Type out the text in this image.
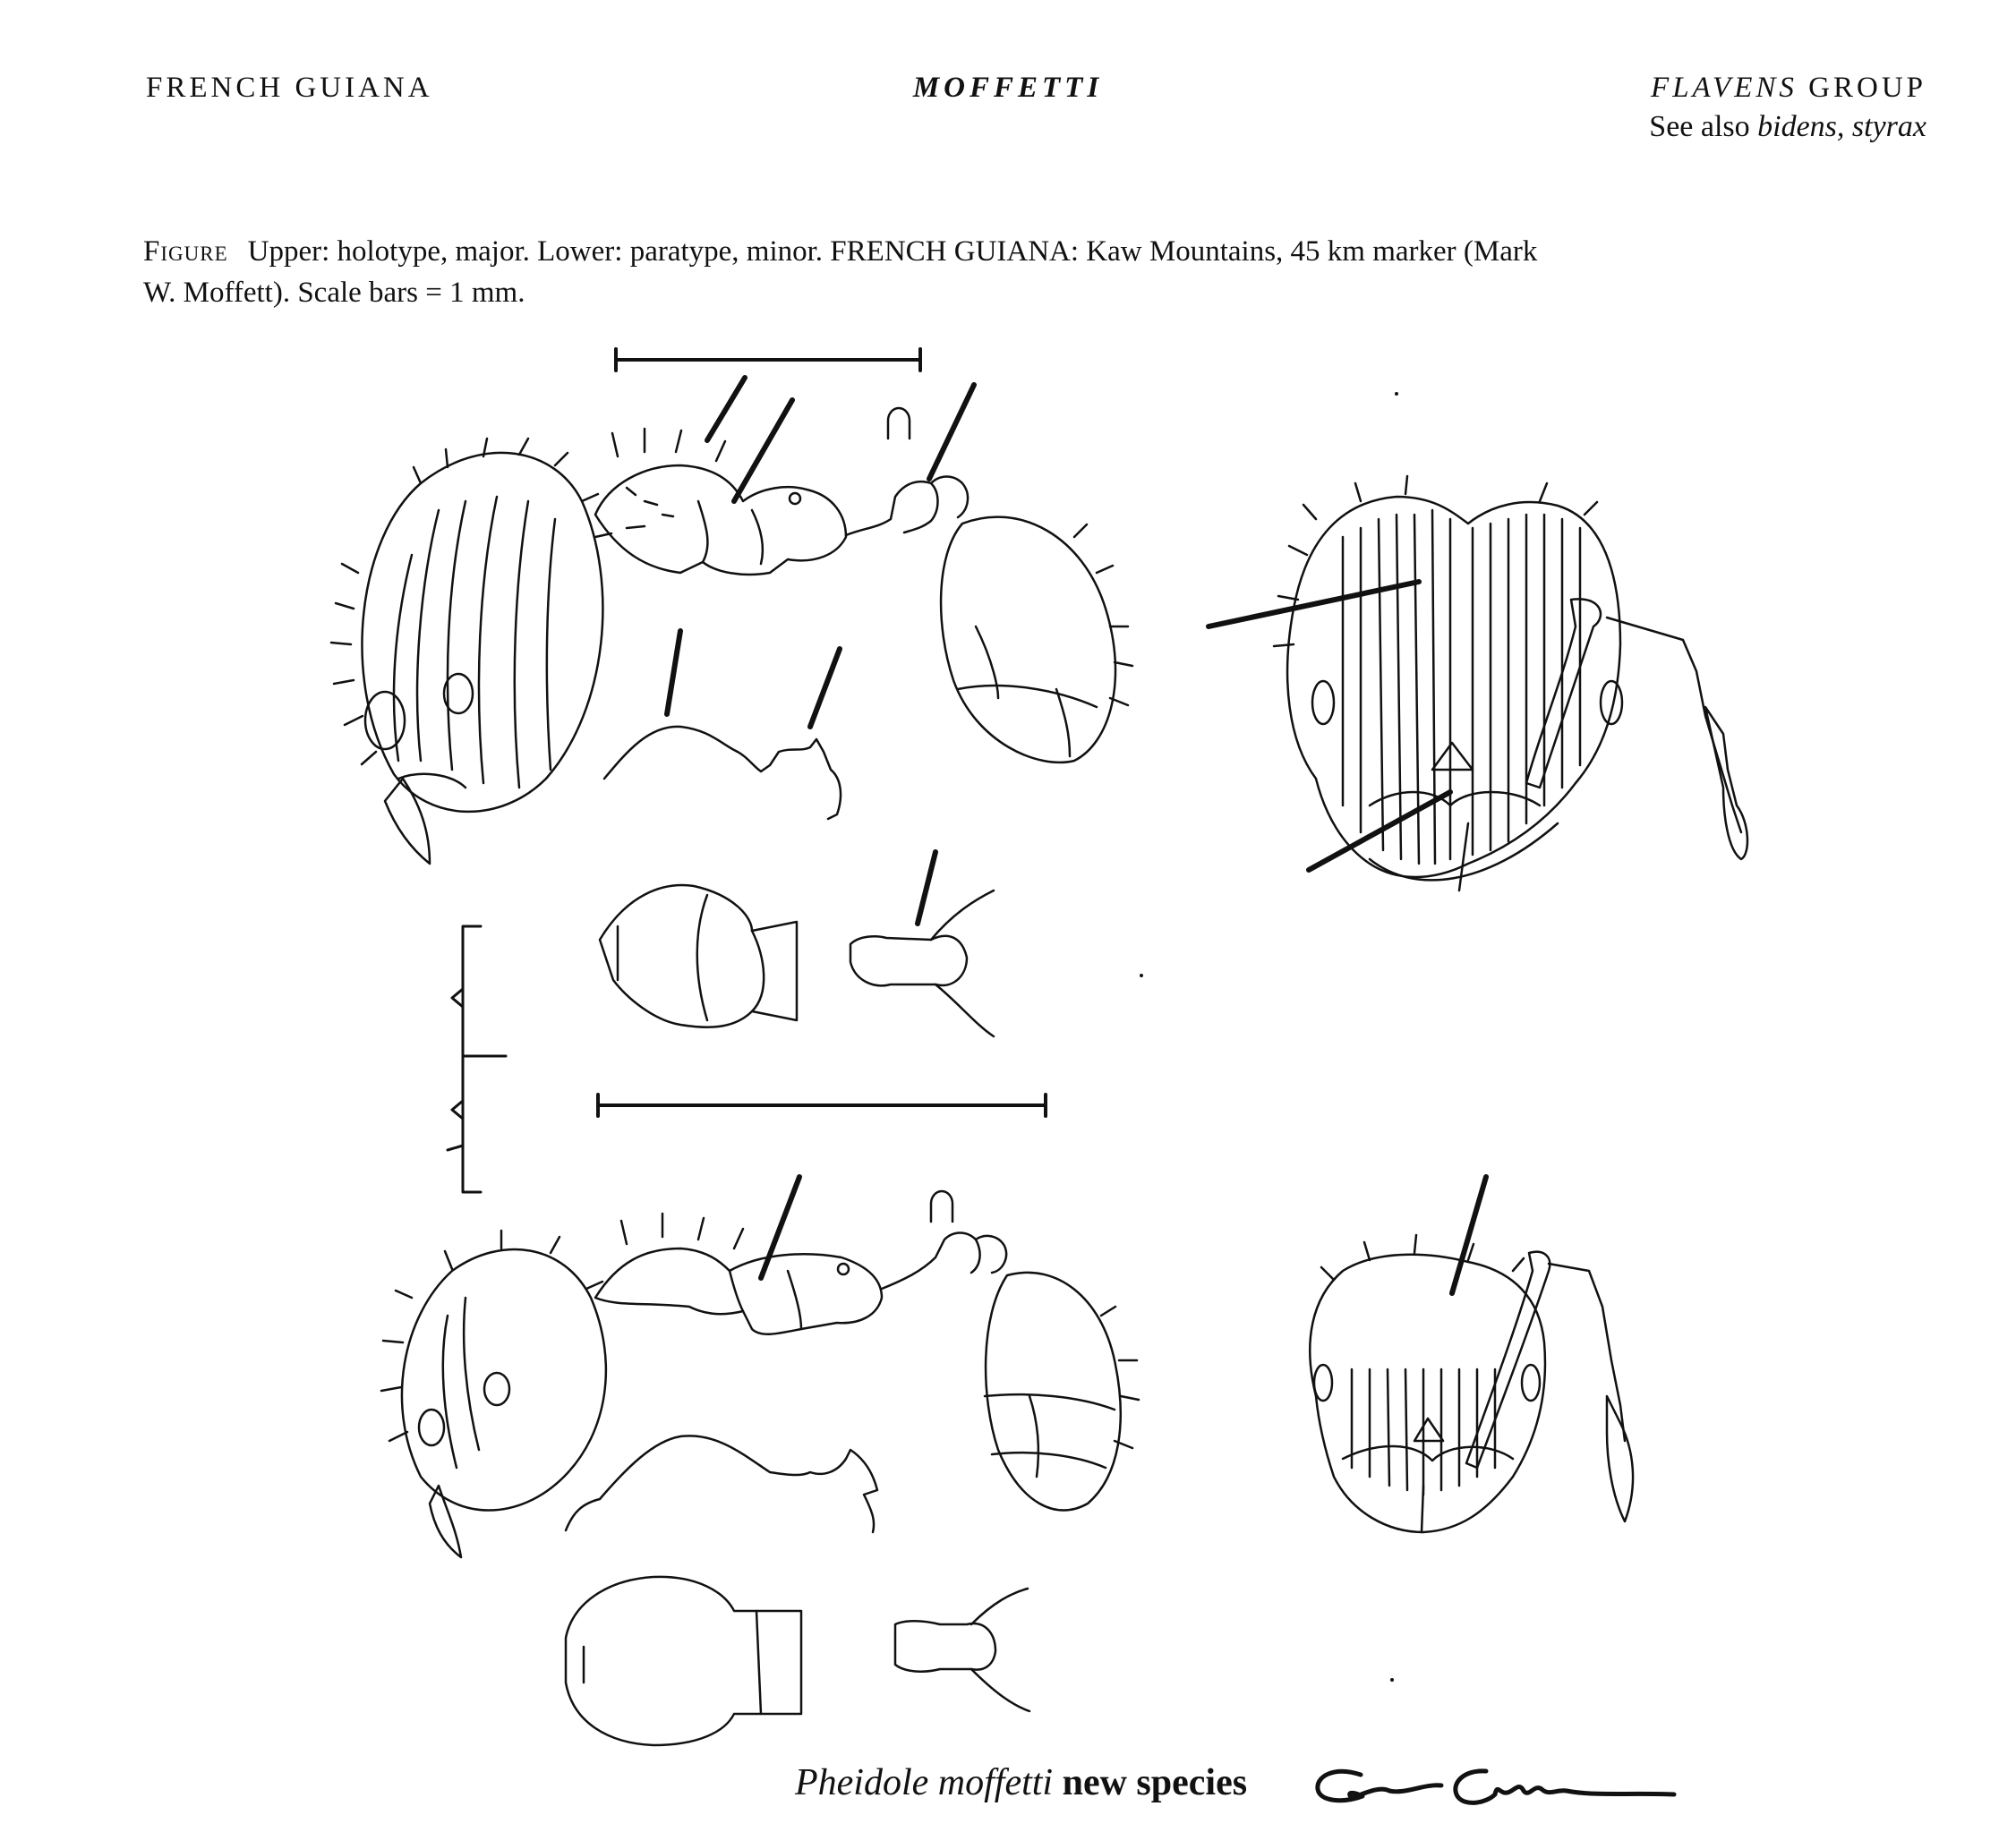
FRENCH GUIANA	MOFFETTI	FLAVENS GROUP
See also bidens, styrax
Figure Upper: holotype, major. Lower: paratype, minor. FRENCH GUIANA: Kaw Mountains, 45 km marker (Mark W. Moffett). Scale bars = 1 mm.
Pheidole moffetti new species
